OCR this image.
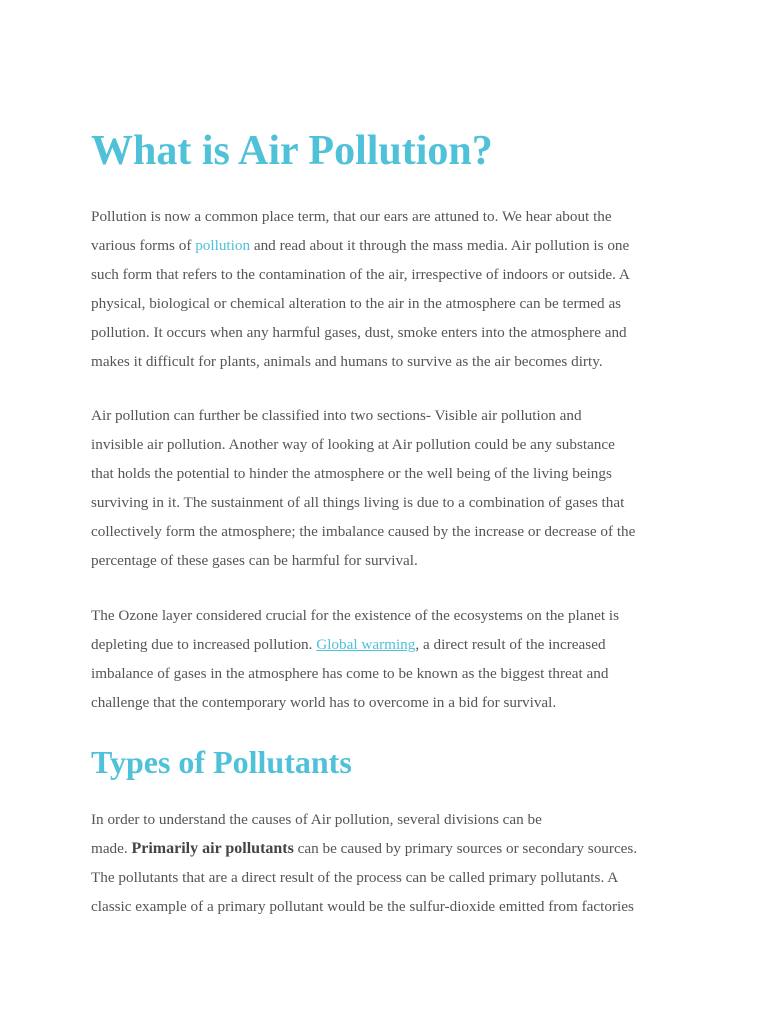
What is Air Pollution?

Pollution is now a common place term, that our ears are attuned to. We hear about the
various forms of pollution and read about it through the mass media. Air pollution is one
such form that refers to the contamination of the air, irrespective of indoors or outside. A
physical, biological or chemical alteration to the air in the atmosphere can be termed as
pollution. It occurs when any harmful gases, dust, smoke enters into the atmosphere and
makes it difficult for plants, animals and humans to survive as the air becomes dirty.

Air pollution can further be classified into two sections- Visible air pollution and
invisible air pollution. Another way of looking at Air pollution could be any substance
that holds the potential to hinder the atmosphere or the well being of the living beings
surviving in it. The sustainment of all things living is due to a combination of gases that
collectively form the atmosphere; the imbalance caused by the increase or decrease of the
percentage of these gases can be harmful for survival.

The Ozone layer considered crucial for the existence of the ecosystems on the planet is
depleting due to increased pollution. Global warming, a direct result of the increased
imbalance of gases in the atmosphere has come to be known as the biggest threat and
challenge that the contemporary world has to overcome in a bid for survival.

Types of Pollutants

In order to understand the causes of Air pollution, several divisions can be
made. Primarily air pollutants can be caused by primary sources or secondary sources.
The pollutants that are a direct result of the process can be called primary pollutants. A
classic example of a primary pollutant would be the sulfur-dioxide emitted from factories
